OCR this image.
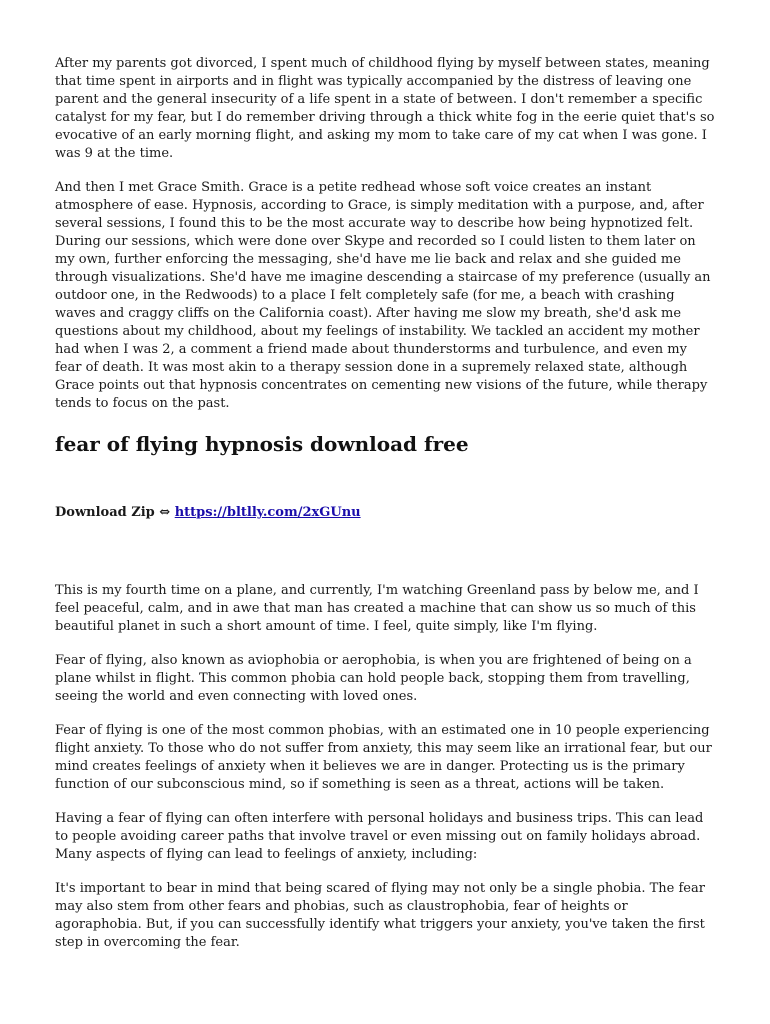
After my parents got divorced, I spent much of childhood flying by myself between states, meaning that time spent in airports and in flight was typically accompanied by the distress of leaving one parent and the general insecurity of a life spent in a state of between. I don't remember a specific catalyst for my fear, but I do remember driving through a thick white fog in the eerie quiet that's so evocative of an early morning flight, and asking my mom to take care of my cat when I was gone. I was 9 at the time.

And then I met Grace Smith. Grace is a petite redhead whose soft voice creates an instant atmosphere of ease. Hypnosis, according to Grace, is simply meditation with a purpose, and, after several sessions, I found this to be the most accurate way to describe how being hypnotized felt. During our sessions, which were done over Skype and recorded so I could listen to them later on my own, further enforcing the messaging, she'd have me lie back and relax and she guided me through visualizations. She'd have me imagine descending a staircase of my preference (usually an outdoor one, in the Redwoods) to a place I felt completely safe (for me, a beach with crashing waves and craggy cliffs on the California coast). After having me slow my breath, she'd ask me questions about my childhood, about my feelings of instability. We tackled an accident my mother had when I was 2, a comment a friend made about thunderstorms and turbulence, and even my fear of death. It was most akin to a therapy session done in a supremely relaxed state, although Grace points out that hypnosis concentrates on cementing new visions of the future, while therapy tends to focus on the past.

fear of flying hypnosis download free
Download Zip ⇔ https://bltlly.com/2xGUnu

This is my fourth time on a plane, and currently, I'm watching Greenland pass by below me, and I feel peaceful, calm, and in awe that man has created a machine that can show us so much of this beautiful planet in such a short amount of time. I feel, quite simply, like I'm flying.

Fear of flying, also known as aviophobia or aerophobia, is when you are frightened of being on a plane whilst in flight. This common phobia can hold people back, stopping them from travelling, seeing the world and even connecting with loved ones.

Fear of flying is one of the most common phobias, with an estimated one in 10 people experiencing flight anxiety. To those who do not suffer from anxiety, this may seem like an irrational fear, but our mind creates feelings of anxiety when it believes we are in danger. Protecting us is the primary function of our subconscious mind, so if something is seen as a threat, actions will be taken.

Having a fear of flying can often interfere with personal holidays and business trips. This can lead to people avoiding career paths that involve travel or even missing out on family holidays abroad. Many aspects of flying can lead to feelings of anxiety, including:

It's important to bear in mind that being scared of flying may not only be a single phobia. The fear may also stem from other fears and phobias, such as claustrophobia, fear of heights or agoraphobia. But, if you can successfully identify what triggers your anxiety, you've taken the first step in overcoming the fear.
